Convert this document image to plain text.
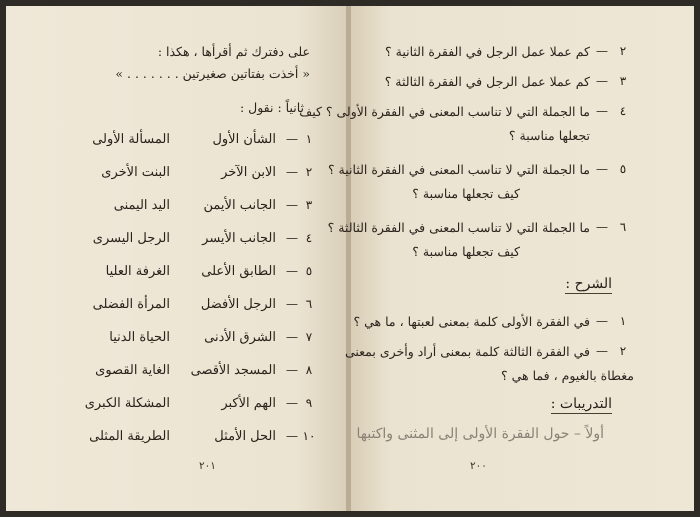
على دفترك ثم أقرأها ، هكذا :
« أخذت بفتاتين صغيرتين . . . . . . . »
ثانياً : نقول :
١
—
الشأن الأول
المسألة الأولى
٢
—
الابن الآخر
البنت الأخرى
٣
—
الجانب الأيمن
اليد اليمنى
٤
—
الجانب الأيسر
الرجل اليسرى
٥
—
الطابق الأعلى
الغرفة العليا
٦
—
الرجل الأفضل
المرأة الفضلى
٧
—
الشرق الأدنى
الحياة الدنيا
٨
—
المسجد الأقصى
الغاية القصوى
٩
—
الهم الأكبر
المشكلة الكبرى
١٠
—
الحل الأمثل
الطريقة المثلى
٢٠١
٢
—
كم عملا عمل الرجل في الفقرة الثانية ؟
٣
—
كم عملا عمل الرجل في الفقرة الثالثة ؟
٤
—
ما الجملة التي لا تناسب المعنى في الفقرة الأولى ؟ كيف
تجعلها مناسبة ؟
٥
—
ما الجملة التي لا تناسب المعنى في الفقرة الثانية ؟
كيف تجعلها مناسبة ؟
٦
—
ما الجملة التي لا تناسب المعنى في الفقرة الثالثة ؟
كيف تجعلها مناسبة ؟
الشرح :
١
—
في الفقرة الأولى كلمة بمعنى لعبتها ، ما هي ؟
٢
—
في الفقرة الثالثة كلمة بمعنى أراد وأخرى بمعنى
مغطاة بالغيوم ، فما هي ؟
التدريبات :
أولاً – حول الفقرة الأولى إلى المثنى واكتبها
٢٠٠
